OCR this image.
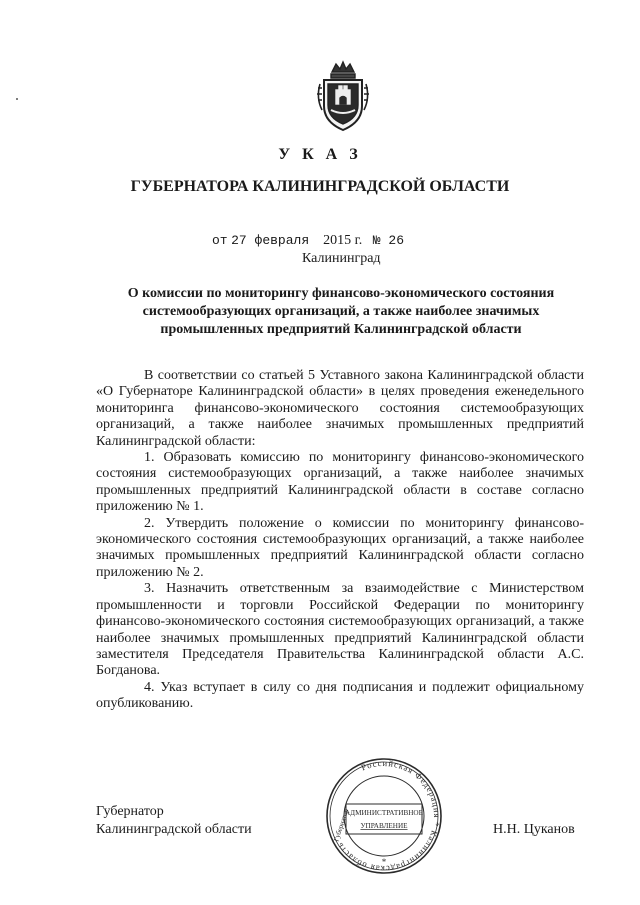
У К А З
ГУБЕРНАТОРА КАЛИНИНГРАДСКОЙ ОБЛАСТИ
от 27 февраля 2015 г. № 26
Калининград
О комиссии по мониторингу финансово-экономического состояния
системообразующих организаций, а также наиболее значимых
промышленных предприятий Калининградской области

В соответствии со статьей 5 Уставного закона Калининградской области «О Губернаторе Калининградской области» в целях проведения еженедельного мониторинга финансово-экономического состояния системообразующих организаций, а также наиболее значимых промышленных предприятий Калининградской области:

1. Образовать комиссию по мониторингу финансово-экономического состояния системообразующих организаций, а также наиболее значимых промышленных предприятий Калининградской области в составе согласно приложению № 1.

2. Утвердить положение о комиссии по мониторингу финансово-экономического состояния системообразующих организаций, а также наиболее значимых промышленных предприятий Калининградской области согласно приложению № 2.

3. Назначить ответственным за взаимодействие с Министерством промышленности и торговли Российской Федерации по мониторингу финансово-экономического состояния системообразующих организаций, а также наиболее значимых промышленных предприятий Калининградской области заместителя Председателя Правительства Калининградской области А.С. Богданова.

4. Указ вступает в силу со дня подписания и подлежит официальному опубликованию.

Губернатор
Калининградской области	Н.Н. Цуканов
Российская Федерация * Калининградская область
Губернатор
АДМИНИСТРАТИВНОЕ
УПРАВЛЕНИЕ
*
